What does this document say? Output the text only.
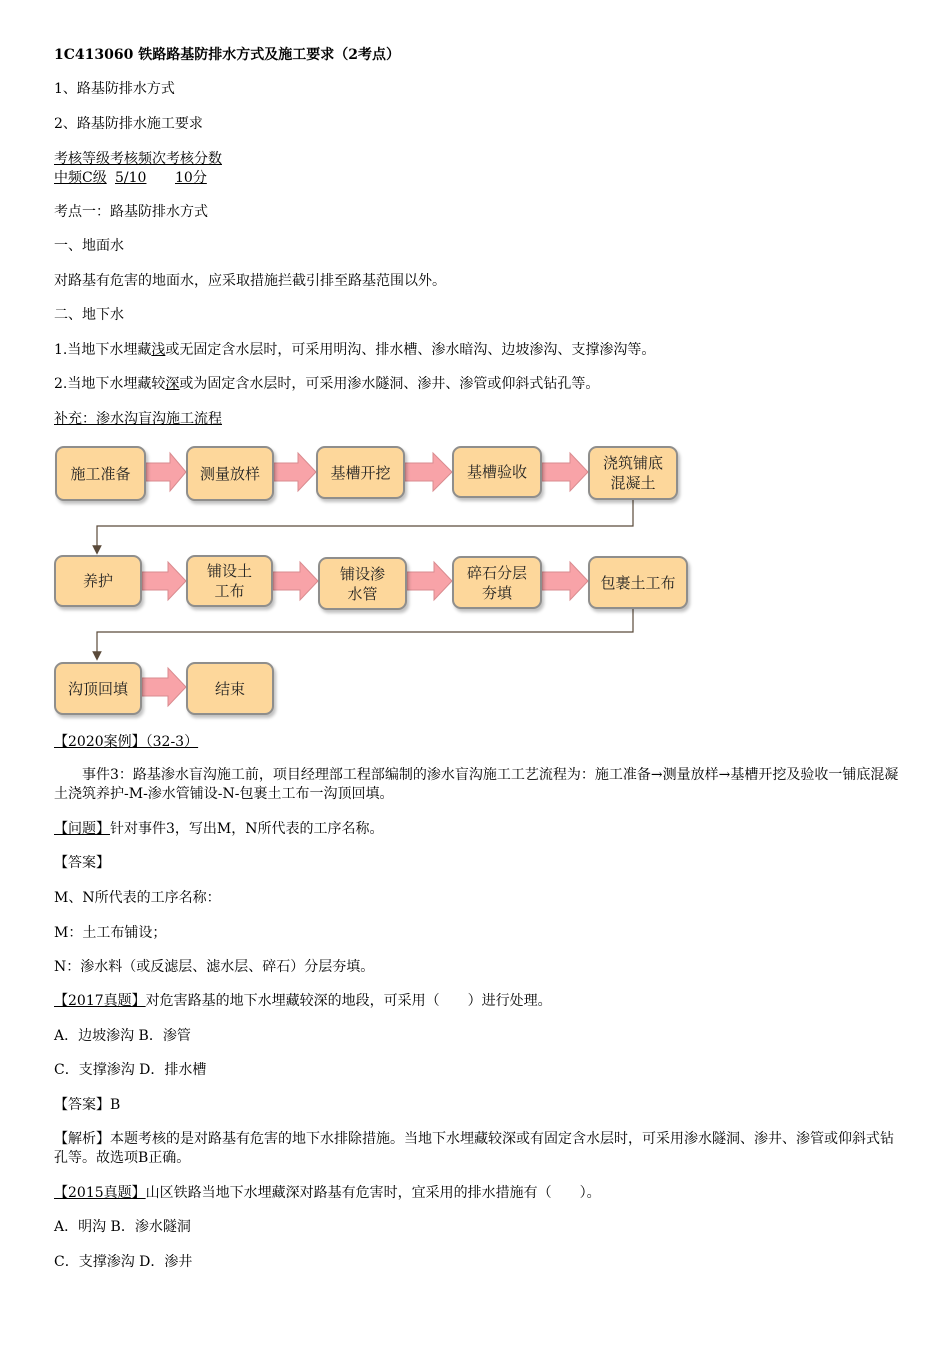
1C413060 铁路路基防排水方式及施工要求（2考点）
1、路基防排水方式
2、路基防排水施工要求
考核等级考核频次考核分数
中频C级 5/10 10分
考点一：路基防排水方式
一、地面水
对路基有危害的地面水，应采取措施拦截引排至路基范围以外。
二、地下水
1.当地下水埋藏浅或无固定含水层时，可采用明沟、排水槽、渗水暗沟、边坡渗沟、支撑渗沟等。
2.当地下水埋藏较深或为固定含水层时，可采用渗水隧洞、渗井、渗管或仰斜式钻孔等。
补充：渗水沟盲沟施工流程
施工准备	测量放样	基槽开挖	基槽验收	浇筑铺底
混凝土
养护
铺设土
工布
铺设渗
水管
碎石分层
夯填
包裹土工布
沟顶回填	结束
【2020案例】（32-3）
事件3：路基渗水盲沟施工前，项目经理部工程部编制的渗水盲沟施工工艺流程为：施工准备→测量放样→基槽开挖及验收一铺底混凝土浇筑养护-M-渗水管铺设-N-包裹土工布一沟顶回填。
【问题】针对事件3，写出M，N所代表的工序名称。
【答案】
M、N所代表的工序名称：
M：土工布铺设；
N：渗水料（或反滤层、滤水层、碎石）分层夯填。
【2017真题】对危害路基的地下水埋藏较深的地段，可采用（　　）进行处理。
A．边坡渗沟 B．渗管
C．支撑渗沟 D．排水槽
【答案】B
【解析】本题考核的是对路基有危害的地下水排除措施。当地下水埋藏较深或有固定含水层时，可采用渗水隧洞、渗井、渗管或仰斜式钻孔等。故选项B正确。
【2015真题】山区铁路当地下水埋藏深对路基有危害时，宜采用的排水措施有（　　）。
A．明沟 B．渗水隧洞
C．支撑渗沟 D．渗井
